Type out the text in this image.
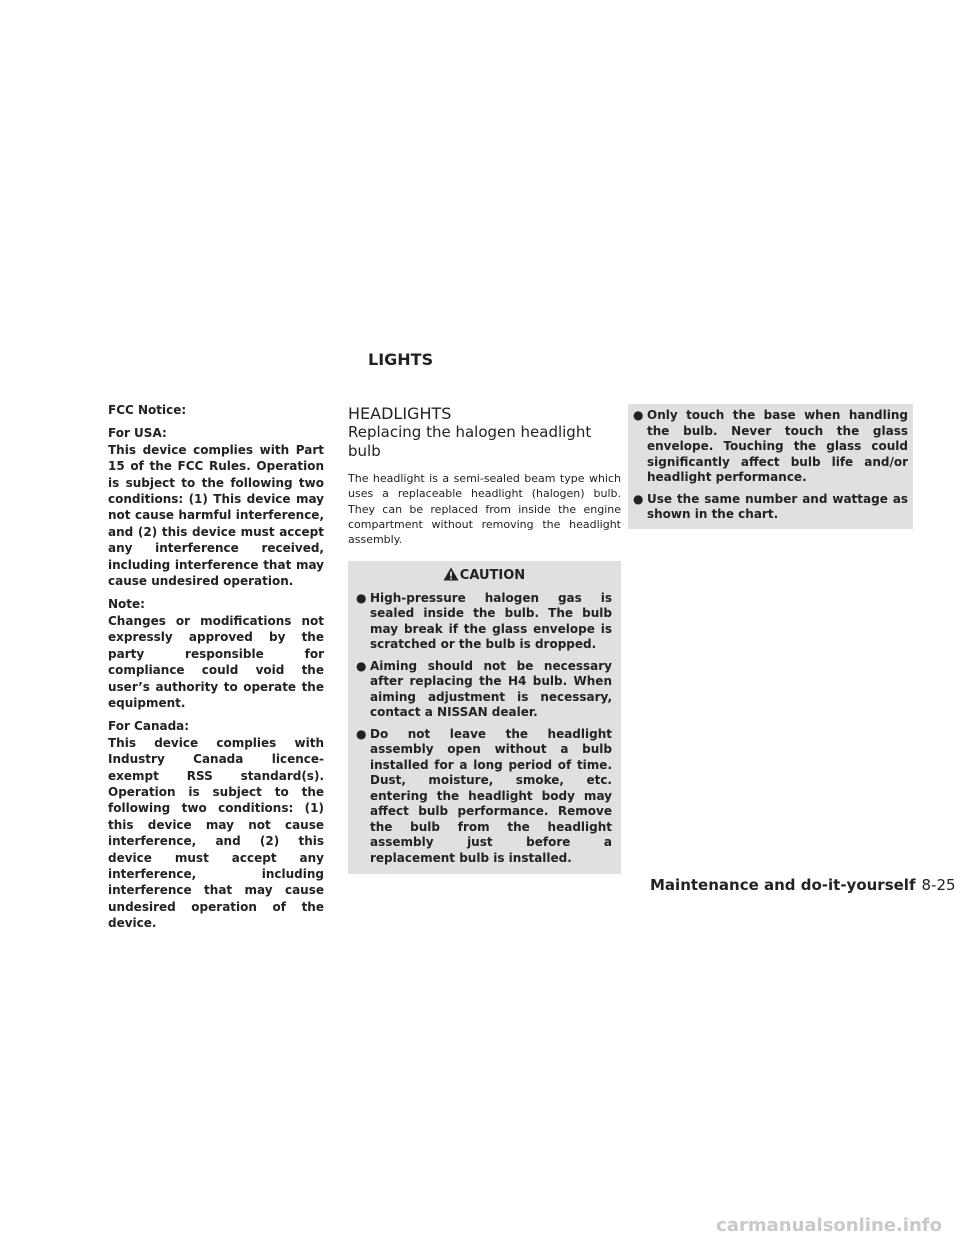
LIGHTS

FCC Notice:

For USA:
This device complies with Part 15 of the FCC Rules. Operation is subject to the following two conditions: (1) This device may not cause harmful interference, and (2) this device must accept any interference received, including interference that may cause undesired operation.

Note:
Changes or modifications not expressly approved by the party responsible for compliance could void the user’s authority to operate the equipment.

For Canada:
This device complies with Industry Canada licence-exempt RSS standard(s). Operation is subject to the following two conditions: (1) this device may not cause interference, and (2) this device must accept any interference, including interference that may cause undesired operation of the device.

HEADLIGHTS
Replacing the halogen headlight bulb

The headlight is a semi-sealed beam type which uses a replaceable headlight (halogen) bulb. They can be replaced from inside the engine compartment without removing the headlight assembly.

CAUTION
● High-pressure halogen gas is sealed inside the bulb. The bulb may break if the glass envelope is scratched or the bulb is dropped.
● Aiming should not be necessary after replacing the H4 bulb. When aiming adjustment is necessary, contact a NISSAN dealer.
● Do not leave the headlight assembly open without a bulb installed for a long period of time. Dust, moisture, smoke, etc. entering the headlight body may affect bulb performance. Remove the bulb from the headlight assembly just before a replacement bulb is installed.
● Only touch the base when handling the bulb. Never touch the glass envelope. Touching the glass could significantly affect bulb life and/or headlight performance.
● Use the same number and wattage as shown in the chart.
Maintenance and do-it-yourself 8-25
carmanualsonline.info
